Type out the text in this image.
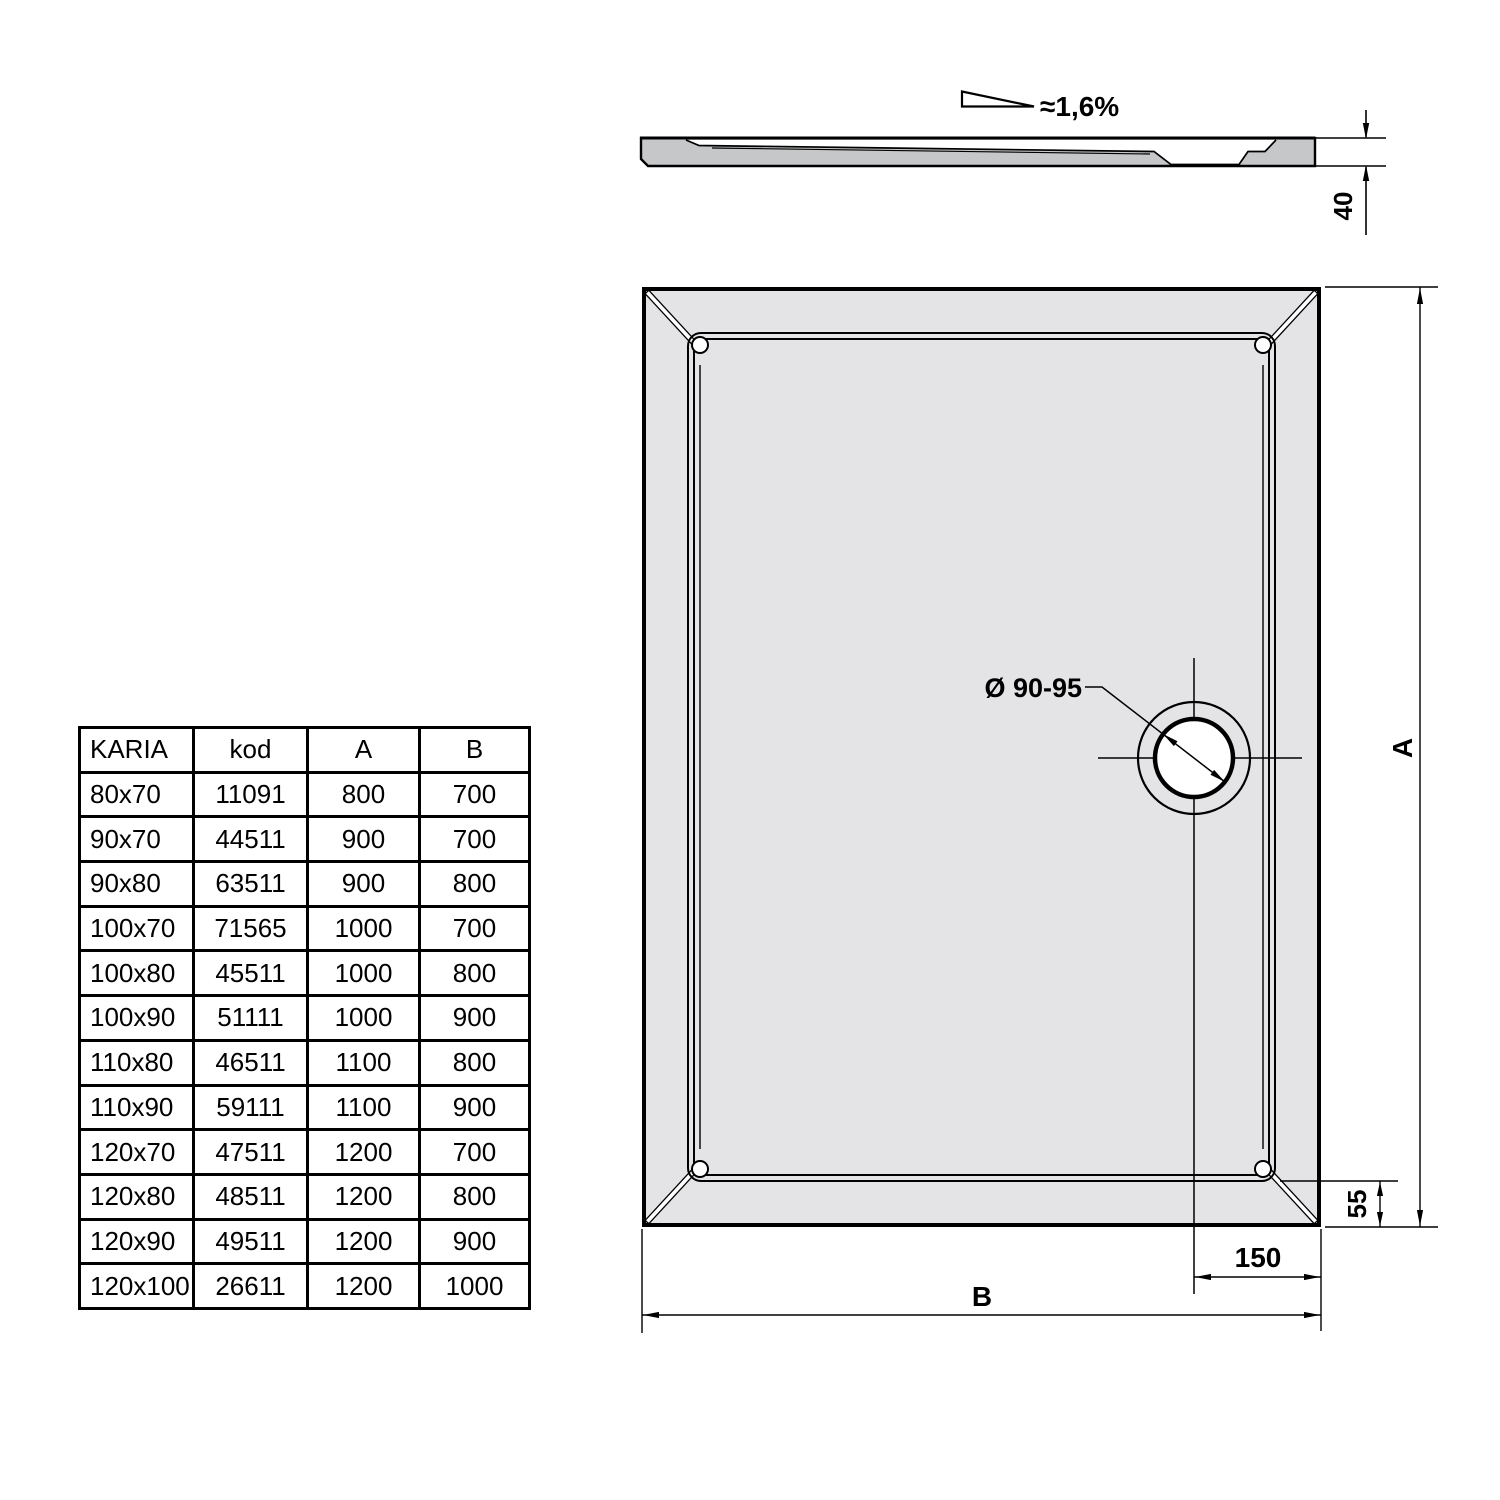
≈1,6%
40
Ø 90-95
A
B
150
55
KARIA	kod	A	B
80x70	11091	800	700
90x70	44511	900	700
90x80	63511	900	800
100x70	71565	1000	700
100x80	45511	1000	800
100x90	51111	1000	900
110x80	46511	1100	800
110x90	59111	1100	900
120x70	47511	1200	700
120x80	48511	1200	800
120x90	49511	1200	900
120x100	26611	1200	1000
